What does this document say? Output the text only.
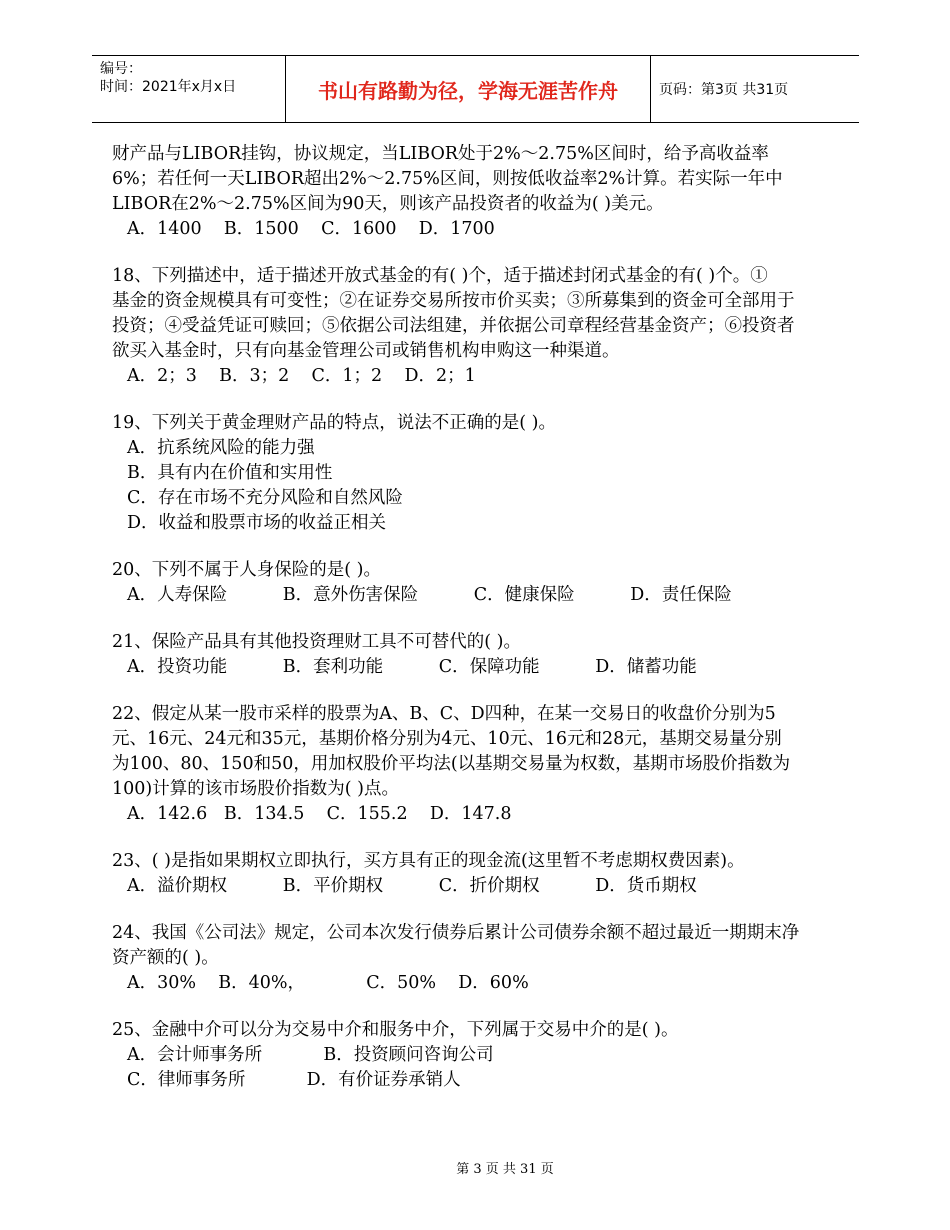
编号：
时间：2021年x月x日	书山有路勤为径，学海无涯苦作舟	页码：第3页 共31页

财产品与LIBOR挂钩，协议规定，当LIBOR处于2%～2.75%区间时，给予高收益率

6%；若任何一天LIBOR超出2%～2.75%区间，则按低收益率2%计算。若实际一年中

LIBOR在2%～2.75%区间为90天，则该产品投资者的收益为( )美元。

A．1400    B．1500    C．1600    D．1700

18、下列描述中，适于描述开放式基金的有( )个，适于描述封闭式基金的有( )个。①

基金的资金规模具有可变性；②在证券交易所按市价买卖；③所募集到的资金可全部用于

投资；④受益凭证可赎回；⑤依据公司法组建，并依据公司章程经营基金资产；⑥投资者

欲买入基金时，只有向基金管理公司或销售机构申购这一种渠道。

A．2；3    B．3；2    C．1；2    D．2；1

19、下列关于黄金理财产品的特点，说法不正确的是( )。

A．抗系统风险的能力强

B．具有内在价值和实用性

C．存在市场不充分风险和自然风险

D．收益和股票市场的收益正相关

20、下列不属于人身保险的是( )。

A．人寿保险          B．意外伤害保险          C．健康保险          D．责任保险

21、保险产品具有其他投资理财工具不可替代的( )。

A．投资功能          B．套利功能          C．保障功能          D．储蓄功能

22、假定从某一股市采样的股票为A、B、C、D四种，在某一交易日的收盘价分别为5

元、16元、24元和35元，基期价格分别为4元、10元、16元和28元，基期交易量分别

为100、80、150和50，用加权股价平均法(以基期交易量为权数，基期市场股价指数为

100)计算的该市场股价指数为( )点。

A．142.6   B．134.5    C．155.2    D．147.8

23、( )是指如果期权立即执行，买方具有正的现金流(这里暂不考虑期权费因素)。

A．溢价期权          B．平价期权          C．折价期权          D．货币期权

24、我国《公司法》规定，公司本次发行债券后累计公司债券余额不超过最近一期期末净

资产额的( )。

A．30%    B．40%，           C．50%    D．60%

25、金融中介可以分为交易中介和服务中介，下列属于交易中介的是( )。

A．会计师事务所           B．投资顾问咨询公司

C．律师事务所           D．有价证券承销人

第 3 页 共 31 页
